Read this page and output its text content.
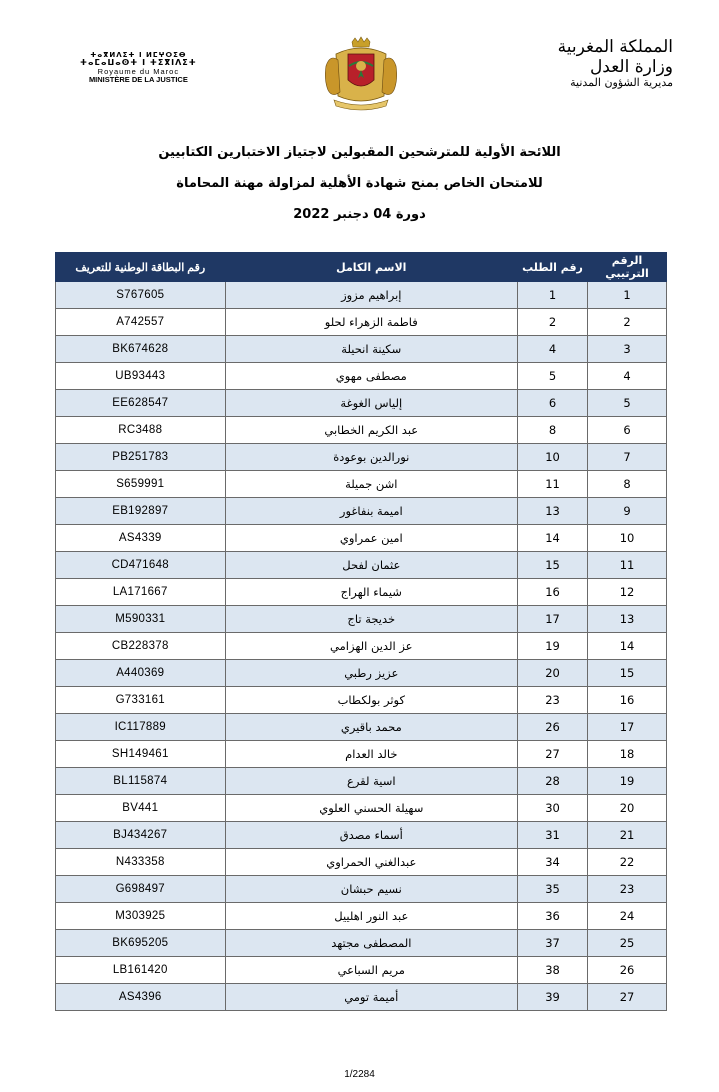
ⵜⴰⴳⵍⴷⵉⵜ ⵏ ⵍⵎⵖⵔⵉⴱ
ⵜⴰⵎⴰⵡⴰⵙⵜ ⵏ ⵜⵉⴳⵏⴷⵉⵜ
Royaume du Maroc
MINISTÈRE DE LA JUSTICE
المملكة المغربية
وزارة العدل
مديرية الشؤون المدنية
اللائحة الأولية للمترشحين المقبولين لاجتياز الاختبارين الكتابيين
للامتحان الخاص بمنح شهادة الأهلية لمزاولة مهنة المحاماة
دورة 04 دجنبر 2022
الرقم الترتيبي	رقم الطلب	الاسم الكامل	رقم البطاقة الوطنية للتعريف
1	1	إبراهيم مزوز	S767605
2	2	فاطمة الزهراء لحلو	A742557
3	4	سكينة انحيلة	BK674628
4	5	مصطفى مهوي	UB93443
5	6	إلياس الغوغة	EE628547
6	8	عبد الكريم الخطابي	RC3488
7	10	نورالدين بوعودة	PB251783
8	11	اشن جميلة	S659991
9	13	اميمة بنفاغور	EB192897
10	14	امين عمراوي	AS4339
11	15	عثمان لفحل	CD471648
12	16	شيماء الهراج	LA171667
13	17	خديجة تاج	M590331
14	19	عز الدين الهزامي	CB228378
15	20	عزيز رطبي	A440369
16	23	كوثر بولكطاب	G733161
17	26	محمد باقيري	IC117889
18	27	خالد العدام	SH149461
19	28	اسية لقرع	BL115874
20	30	سهيلة الحسني العلوي	BV441
21	31	أسماء مصدق	BJ434267
22	34	عبدالغني الحمراوي	N433358
23	35	نسيم حبشان	G698497
24	36	عبد النور اهلييل	M303925
25	37	المصطفى مجتهد	BK695205
26	38	مريم السباعي	LB161420
27	39	أميمة تومي	AS4396
1/2284
